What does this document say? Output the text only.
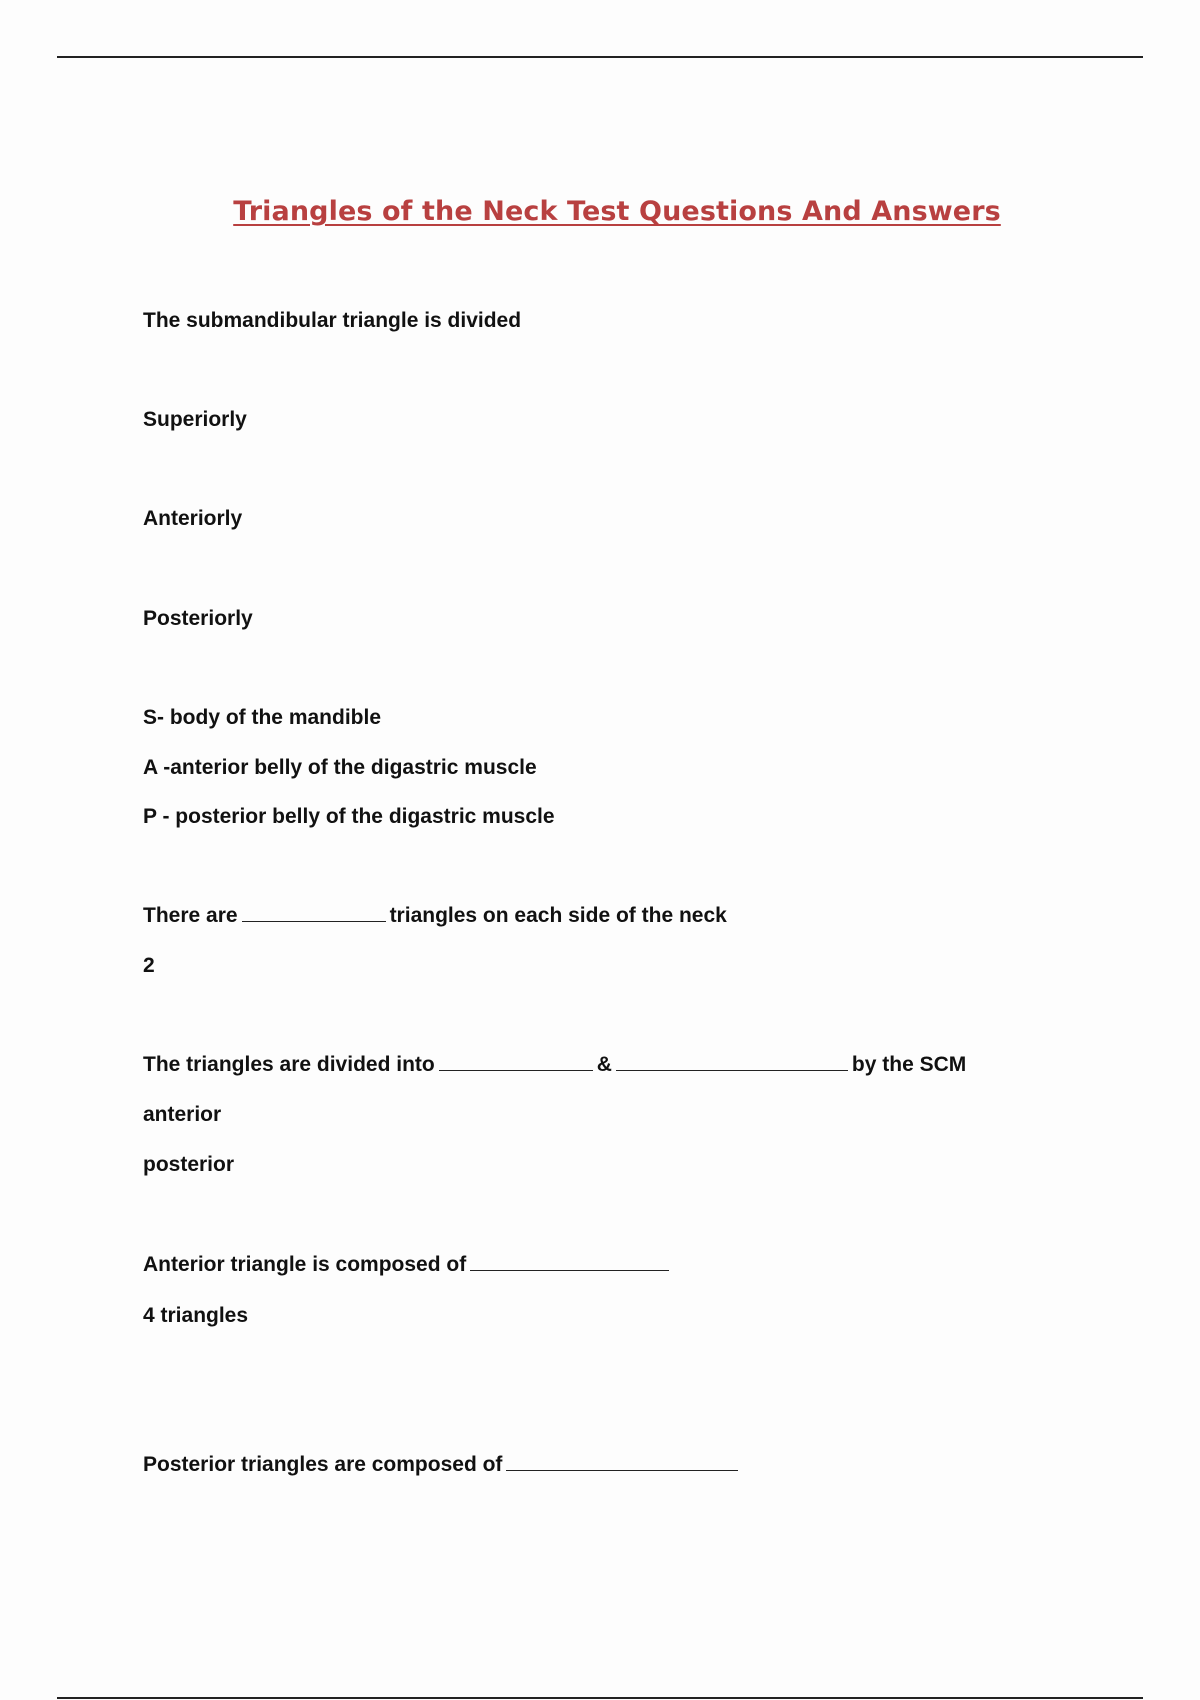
Triangles of the Neck Test Questions And Answers

The submandibular triangle is divided

Superiorly

Anteriorly

Posteriorly

S- body of the mandible

A -anterior belly of the digastric muscle

P - posterior belly of the digastric muscle

There are	triangles on each side of the neck

2

The triangles are divided into	&	by the SCM

anterior

posterior

Anterior triangle is composed of

4 triangles

Posterior triangles are composed of
